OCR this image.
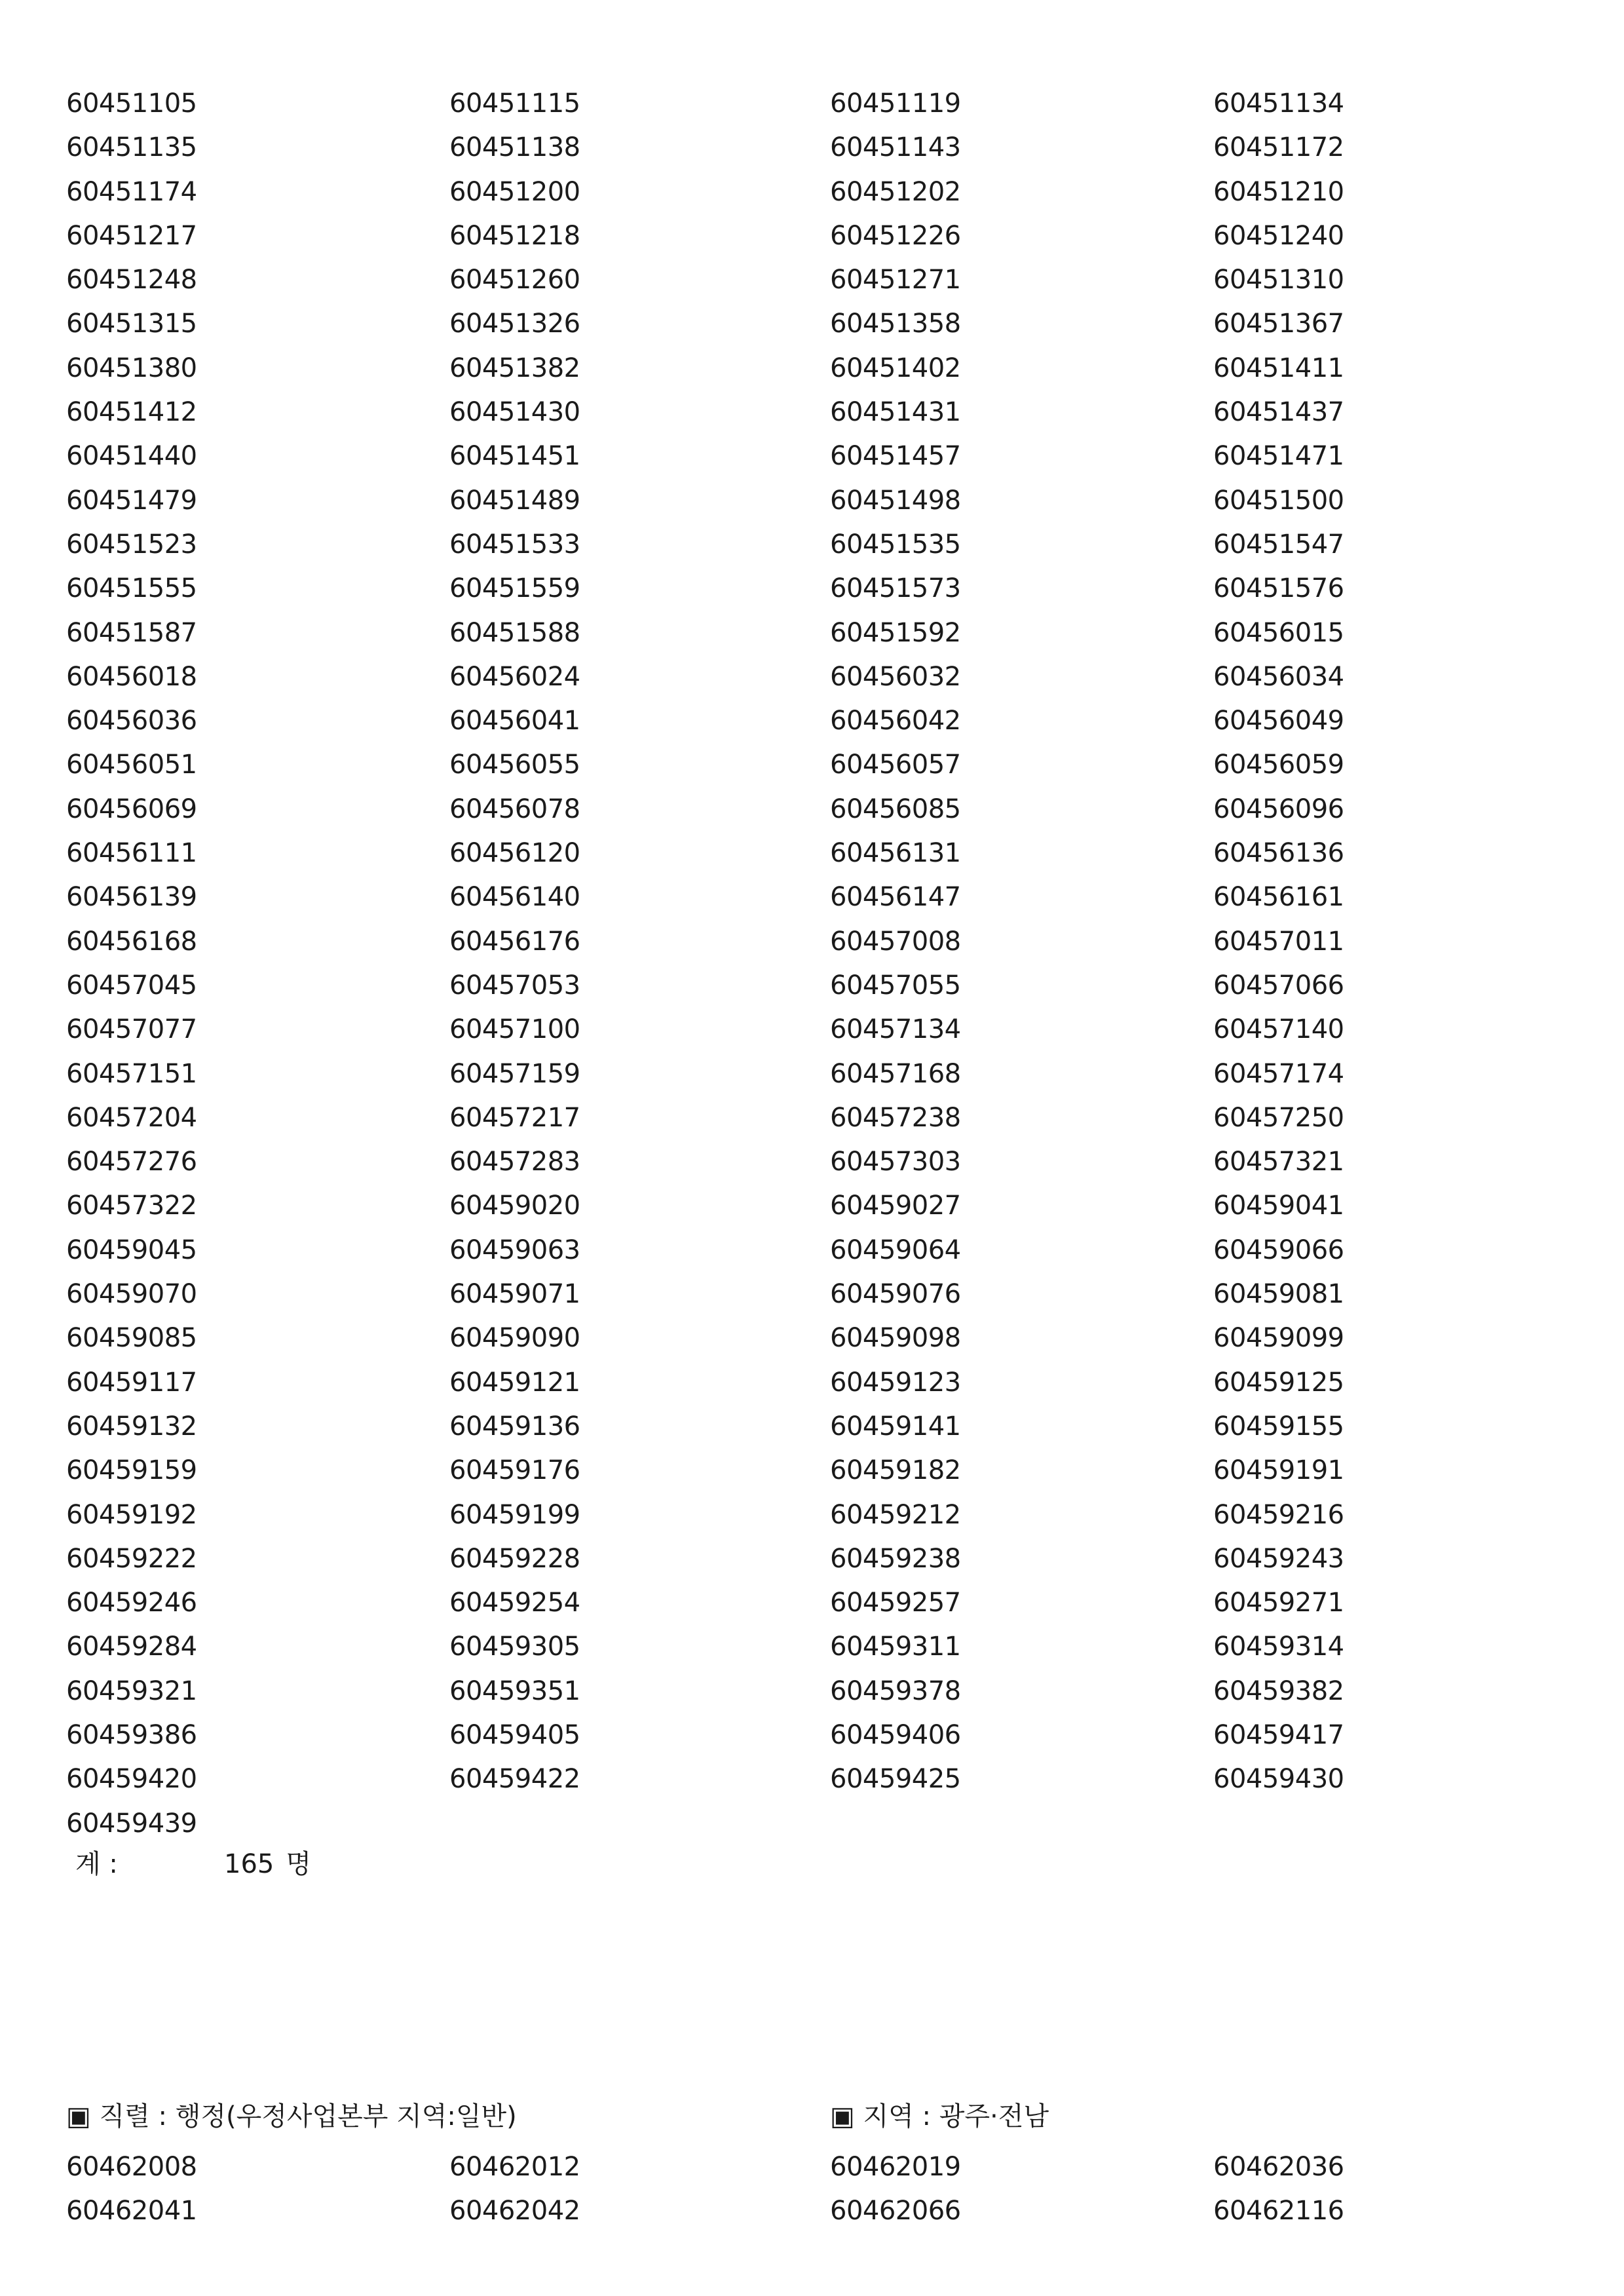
60451105	60451115	60451119	60451134
60451135	60451138	60451143	60451172
60451174	60451200	60451202	60451210
60451217	60451218	60451226	60451240
60451248	60451260	60451271	60451310
60451315	60451326	60451358	60451367
60451380	60451382	60451402	60451411
60451412	60451430	60451431	60451437
60451440	60451451	60451457	60451471
60451479	60451489	60451498	60451500
60451523	60451533	60451535	60451547
60451555	60451559	60451573	60451576
60451587	60451588	60451592	60456015
60456018	60456024	60456032	60456034
60456036	60456041	60456042	60456049
60456051	60456055	60456057	60456059
60456069	60456078	60456085	60456096
60456111	60456120	60456131	60456136
60456139	60456140	60456147	60456161
60456168	60456176	60457008	60457011
60457045	60457053	60457055	60457066
60457077	60457100	60457134	60457140
60457151	60457159	60457168	60457174
60457204	60457217	60457238	60457250
60457276	60457283	60457303	60457321
60457322	60459020	60459027	60459041
60459045	60459063	60459064	60459066
60459070	60459071	60459076	60459081
60459085	60459090	60459098	60459099
60459117	60459121	60459123	60459125
60459132	60459136	60459141	60459155
60459159	60459176	60459182	60459191
60459192	60459199	60459212	60459216
60459222	60459228	60459238	60459243
60459246	60459254	60459257	60459271
60459284	60459305	60459311	60459314
60459321	60459351	60459378	60459382
60459386	60459405	60459406	60459417
60459420	60459422	60459425	60459430
60459439
계 :	165 명
▣ 직렬 : 행정(우정사업본부 지역:일반)	▣ 지역 : 광주·전남
60462008	60462012	60462019	60462036
60462041	60462042	60462066	60462116
